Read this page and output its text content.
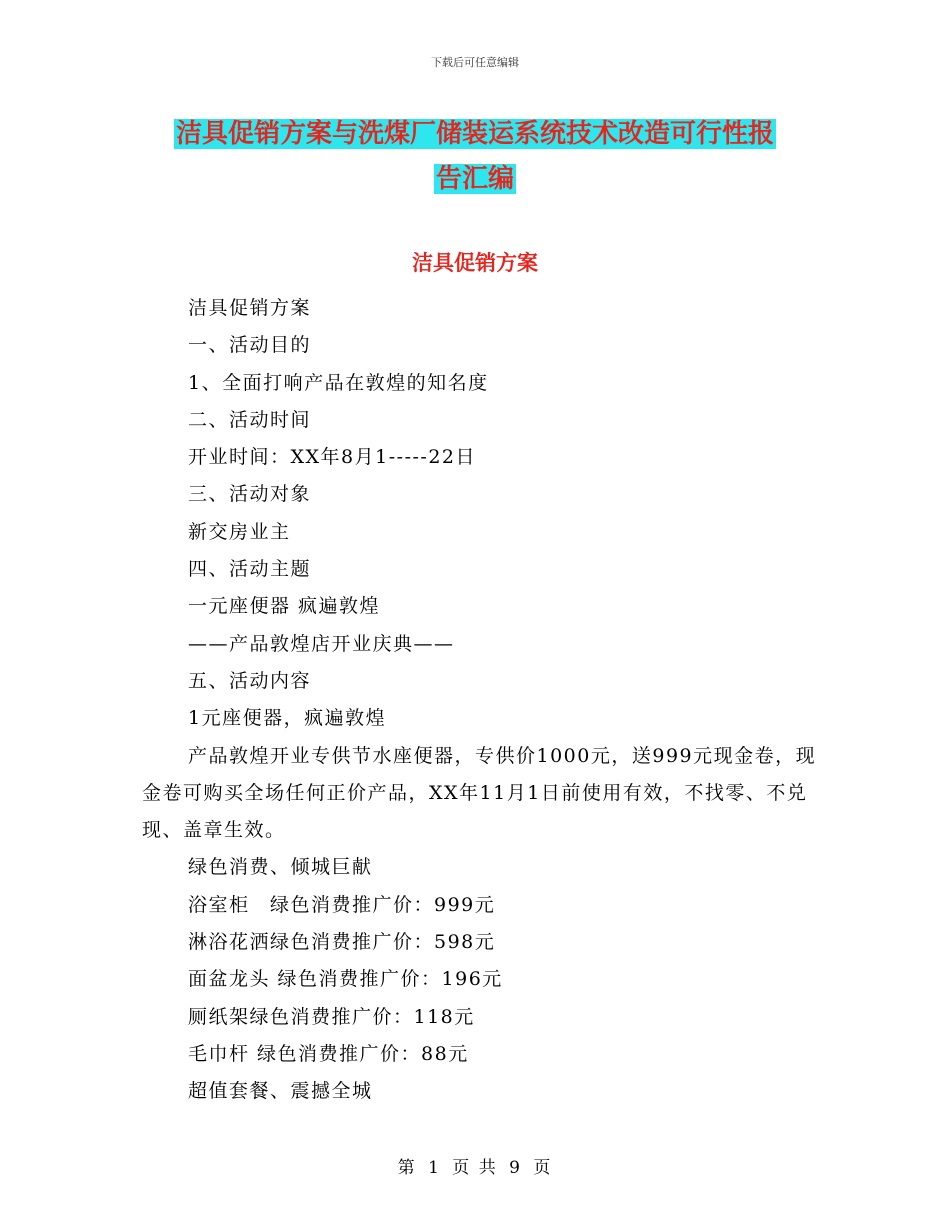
下载后可任意编辑
洁具促销方案与洗煤厂储装运系统技术改造可行性报
告汇编
洁具促销方案

洁具促销方案

一、活动目的

1、全面打响产品在敦煌的知名度

二、活动时间

开业时间：XX年8月1-----22日

三、活动对象

新交房业主

四、活动主题

一元座便器 疯遍敦煌

——产品敦煌店开业庆典——

五、活动内容

1元座便器，疯遍敦煌

产品敦煌开业专供节水座便器，专供价1000元，送999元现金卷，现金卷可购买全场任何正价产品，XX年11月1日前使用有效，不找零、不兑现、盖章生效。

绿色消费、倾城巨献

浴室柜　绿色消费推广价：999元

淋浴花洒绿色消费推广价：598元

面盆龙头 绿色消费推广价：196元

厕纸架绿色消费推广价：118元

毛巾杆 绿色消费推广价：88元

超值套餐、震撼全城

第 1 页 共 9 页
